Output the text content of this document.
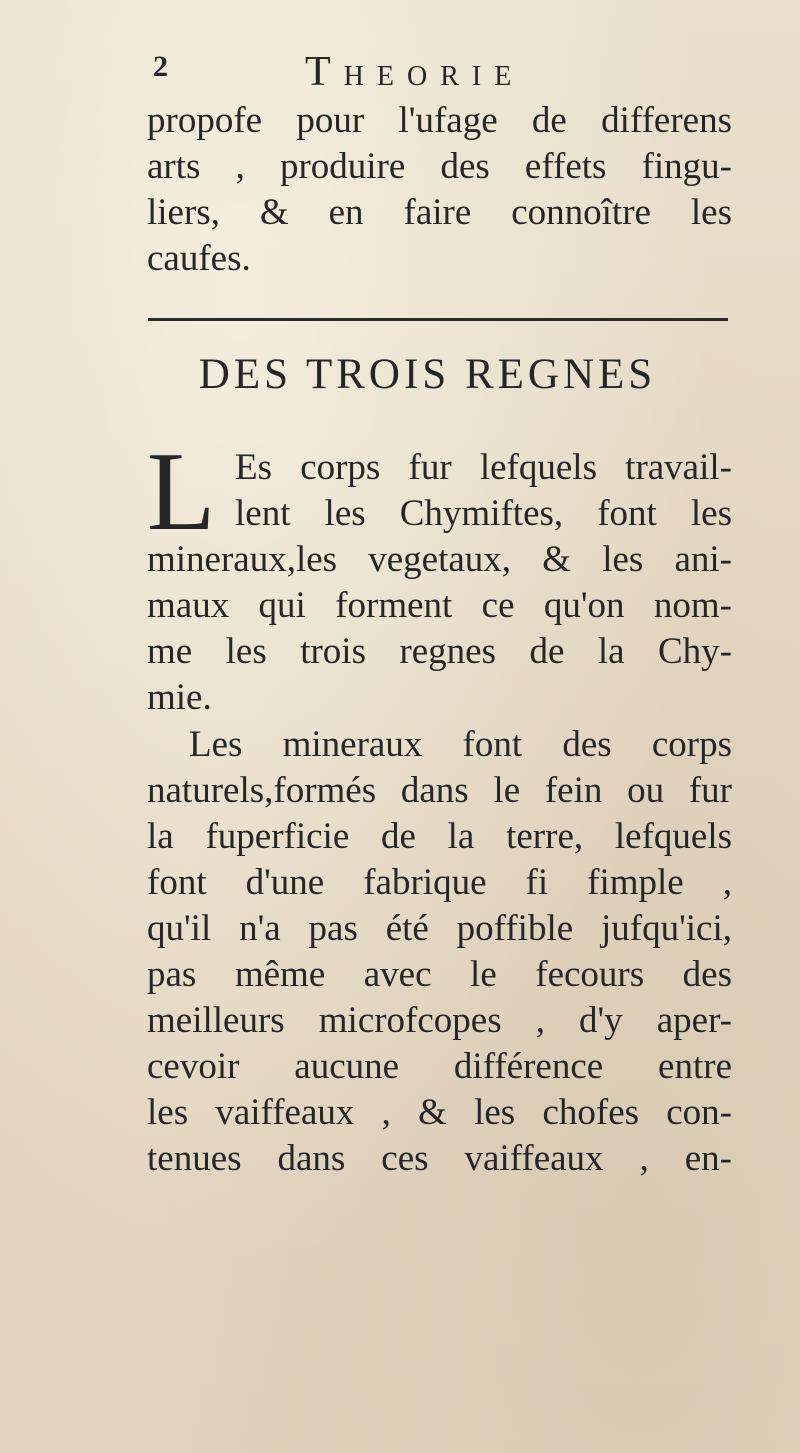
2	THEORIE
propofe pour l'ufage de differens
arts , produire des effets fingu-
liers, & en faire connoître les
caufes.
DES TROIS REGNES
L Es corps fur lefquels travail-
lent les Chymiftes, font les
mineraux,les vegetaux, & les ani-
maux qui forment ce qu'on nom-
me les trois regnes de la Chy-
mie.
Les mineraux font des corps
naturels,formés dans le fein ou fur
la fuperficie de la terre, lefquels
font d'une fabrique fi fimple ,
qu'il n'a pas été poffible jufqu'ici,
pas même avec le fecours des
meilleurs microfcopes , d'y aper-
cevoir aucune différence entre
les vaiffeaux , & les chofes con-
tenues dans ces vaiffeaux , en-
